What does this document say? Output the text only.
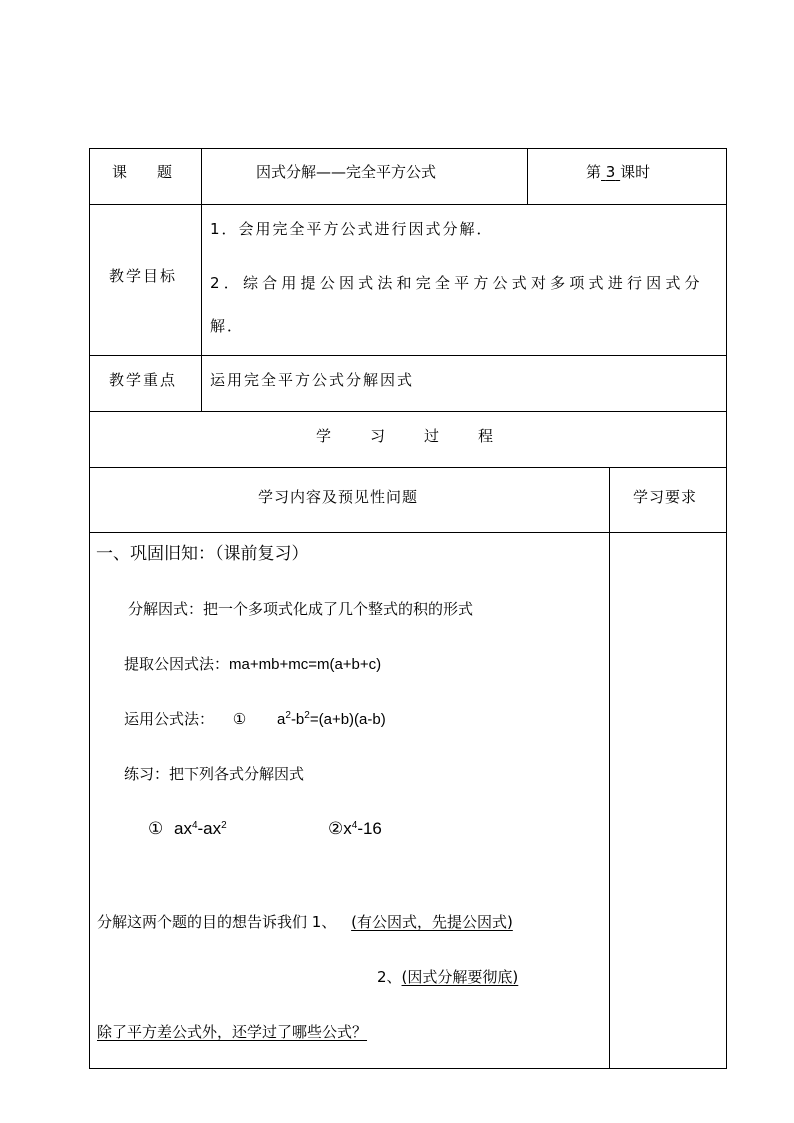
课　　题	因式分解——完全平方公式	第 3 课时
教学目标
1．会用完全平方公式进行因式分解．
2．综合用提公因式法和完全平方公式对多项式进行因式分
解．
教学重点 运用完全平方公式分解因式
学　　习　　过　　程
学习内容及预见性问题	学习要求
一、巩固旧知：（课前复习）
分解因式：把一个多项式化成了几个整式的积的形式
提取公因式法：ma+mb+mc=m(a+b+c)
运用公式法： ① $a^2-b^2=(a+b)(a-b)$
练习：把下列各式分解因式
① $ax^4-ax^2$	$②x^4-16$
分解这两个题的目的想告诉我们 1、 (有公因式，先提公因式)
2、(因式分解要彻底)
除了平方差公式外，还学过了哪些公式？
